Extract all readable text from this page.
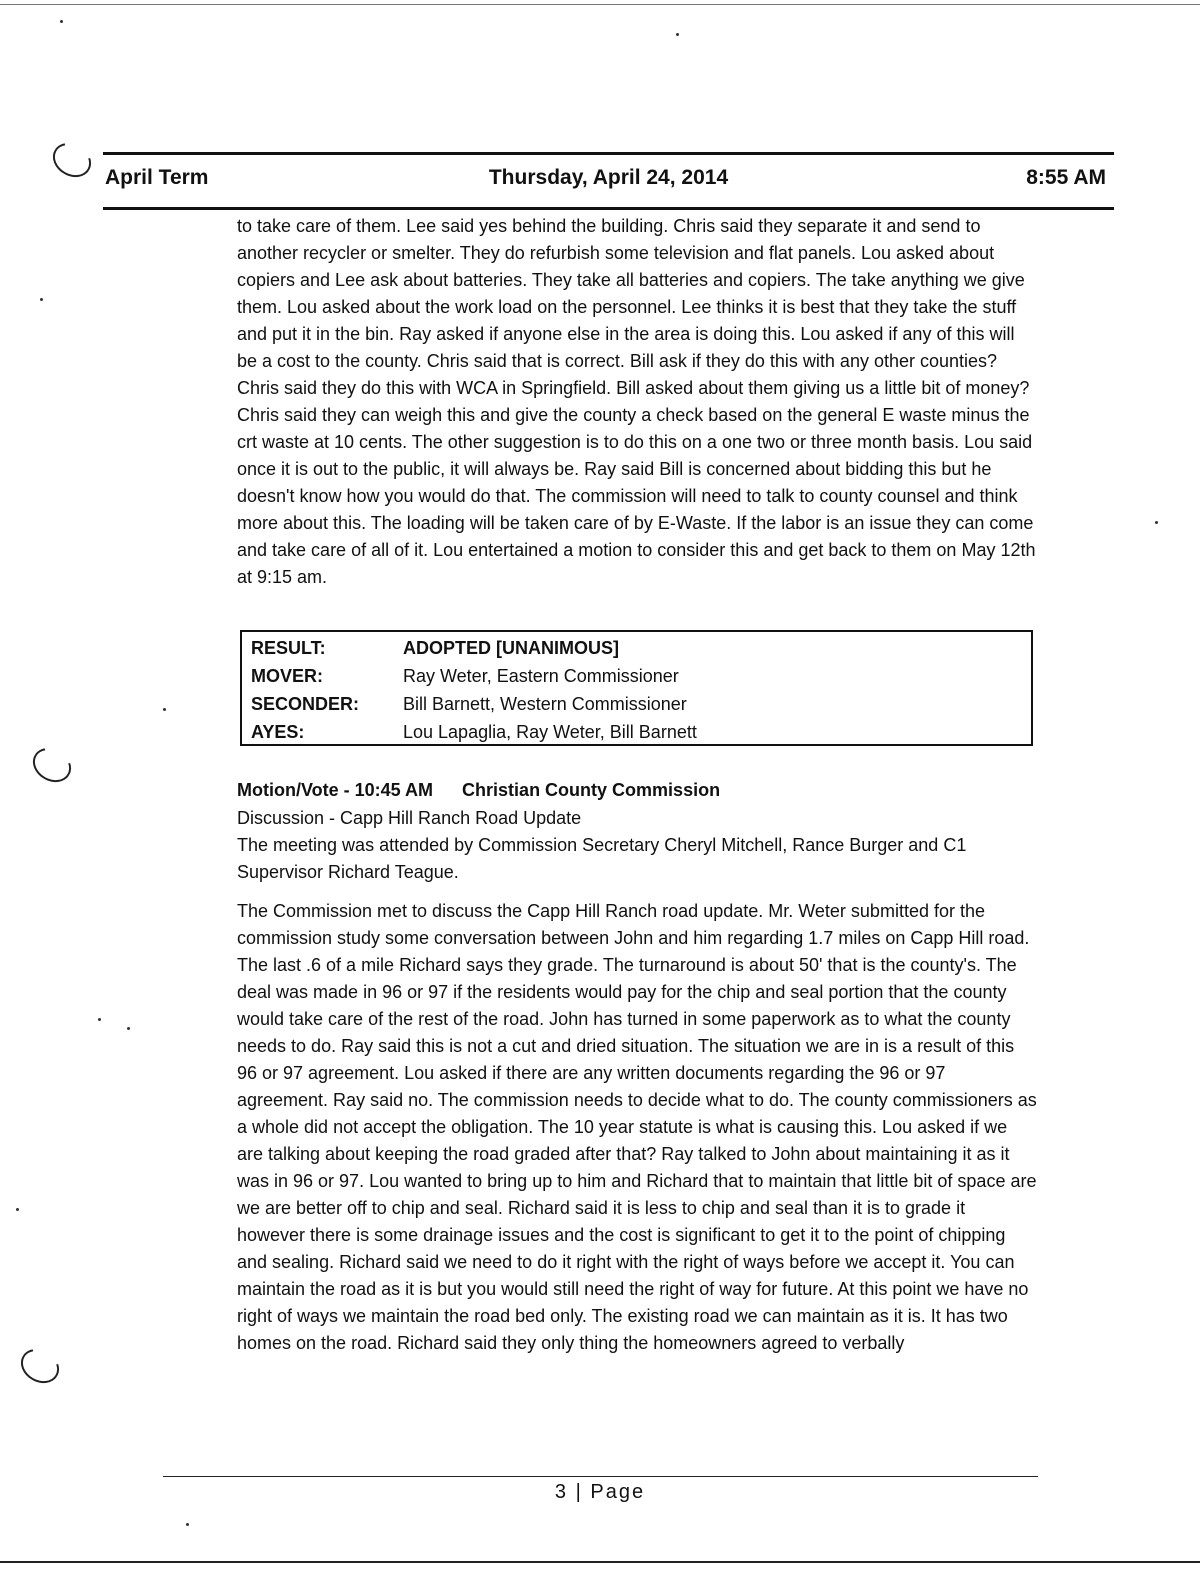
April Term	Thursday, April 24, 2014	8:55 AM

to take care of them. Lee said yes behind the building. Chris said they separate it and send to another recycler or smelter. They do refurbish some television and flat panels. Lou asked about copiers and Lee ask about batteries. They take all batteries and copiers. The take anything we give them. Lou asked about the work load on the personnel. Lee thinks it is best that they take the stuff and put it in the bin. Ray asked if anyone else in the area is doing this. Lou asked if any of this will be a cost to the county. Chris said that is correct. Bill ask if they do this with any other counties? Chris said they do this with WCA in Springfield. Bill asked about them giving us a little bit of money? Chris said they can weigh this and give the county a check based on the general E waste minus the crt waste at 10 cents. The other suggestion is to do this on a one two or three month basis. Lou said once it is out to the public, it will always be. Ray said Bill is concerned about bidding this but he doesn't know how you would do that. The commission will need to talk to county counsel and think more about this. The loading will be taken care of by E-Waste. If the labor is an issue they can come and take care of all of it. Lou entertained a motion to consider this and get back to them on May 12th at 9:15 am.

RESULT:	ADOPTED [UNANIMOUS]
MOVER:	Ray Weter, Eastern Commissioner
SECONDER:	Bill Barnett, Western Commissioner
AYES:	Lou Lapaglia, Ray Weter, Bill Barnett
Motion/Vote - 10:45 AM Christian County Commission

Discussion - Capp Hill Ranch Road Update

The meeting was attended by Commission Secretary Cheryl Mitchell, Rance Burger and C1 Supervisor Richard Teague.

The Commission met to discuss the Capp Hill Ranch road update. Mr. Weter submitted for the commission study some conversation between John and him regarding 1.7 miles on Capp Hill road. The last .6 of a mile Richard says they grade. The turnaround is about 50' that is the county's. The deal was made in 96 or 97 if the residents would pay for the chip and seal portion that the county would take care of the rest of the road. John has turned in some paperwork as to what the county needs to do. Ray said this is not a cut and dried situation. The situation we are in is a result of this 96 or 97 agreement. Lou asked if there are any written documents regarding the 96 or 97 agreement. Ray said no. The commission needs to decide what to do. The county commissioners as a whole did not accept the obligation. The 10 year statute is what is causing this. Lou asked if we are talking about keeping the road graded after that? Ray talked to John about maintaining it as it was in 96 or 97. Lou wanted to bring up to him and Richard that to maintain that little bit of space are we are better off to chip and seal. Richard said it is less to chip and seal than it is to grade it however there is some drainage issues and the cost is significant to get it to the point of chipping and sealing. Richard said we need to do it right with the right of ways before we accept it. You can maintain the road as it is but you would still need the right of way for future. At this point we have no right of ways we maintain the road bed only. The existing road we can maintain as it is. It has two homes on the road. Richard said they only thing the homeowners agreed to verbally

3 | Page
